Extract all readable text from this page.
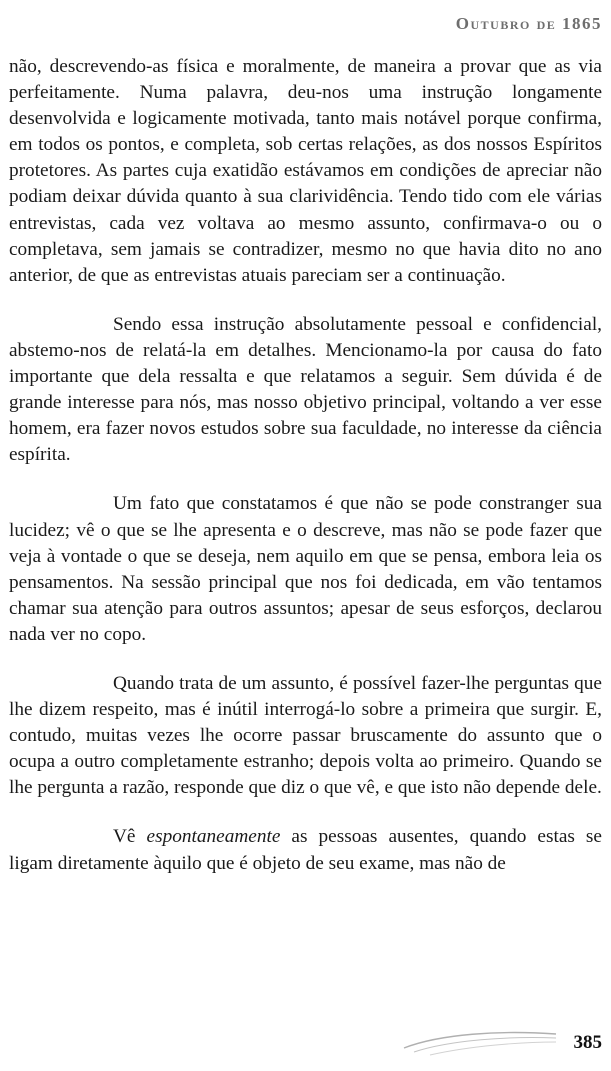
Outubro de 1865

não, descrevendo-as física e moralmente, de maneira a provar que as via perfeitamente. Numa palavra, deu-nos uma instrução longamente desenvolvida e logicamente motivada, tanto mais notável porque confirma, em todos os pontos, e completa, sob certas relações, as dos nossos Espíritos protetores. As partes cuja exatidão estávamos em condições de apreciar não podiam deixar dúvida quanto à sua clarividência. Tendo tido com ele várias entrevistas, cada vez voltava ao mesmo assunto, confirmava-o ou o completava, sem jamais se contradizer, mesmo no que havia dito no ano anterior, de que as entrevistas atuais pareciam ser a continuação.

Sendo essa instrução absolutamente pessoal e confidencial, abstemo-nos de relatá-la em detalhes. Mencionamo-la por causa do fato importante que dela ressalta e que relatamos a seguir. Sem dúvida é de grande interesse para nós, mas nosso objetivo principal, voltando a ver esse homem, era fazer novos estudos sobre sua faculdade, no interesse da ciência espírita.

Um fato que constatamos é que não se pode constranger sua lucidez; vê o que se lhe apresenta e o descreve, mas não se pode fazer que veja à vontade o que se deseja, nem aquilo em que se pensa, embora leia os pensamentos. Na sessão principal que nos foi dedicada, em vão tentamos chamar sua atenção para outros assuntos; apesar de seus esforços, declarou nada ver no copo.

Quando trata de um assunto, é possível fazer-lhe perguntas que lhe dizem respeito, mas é inútil interrogá-lo sobre a primeira que surgir. E, contudo, muitas vezes lhe ocorre passar bruscamente do assunto que o ocupa a outro completamente estranho; depois volta ao primeiro. Quando se lhe pergunta a razão, responde que diz o que vê, e que isto não depende dele.

Vê espontaneamente as pessoas ausentes, quando estas se ligam diretamente àquilo que é objeto de seu exame, mas não de

385
